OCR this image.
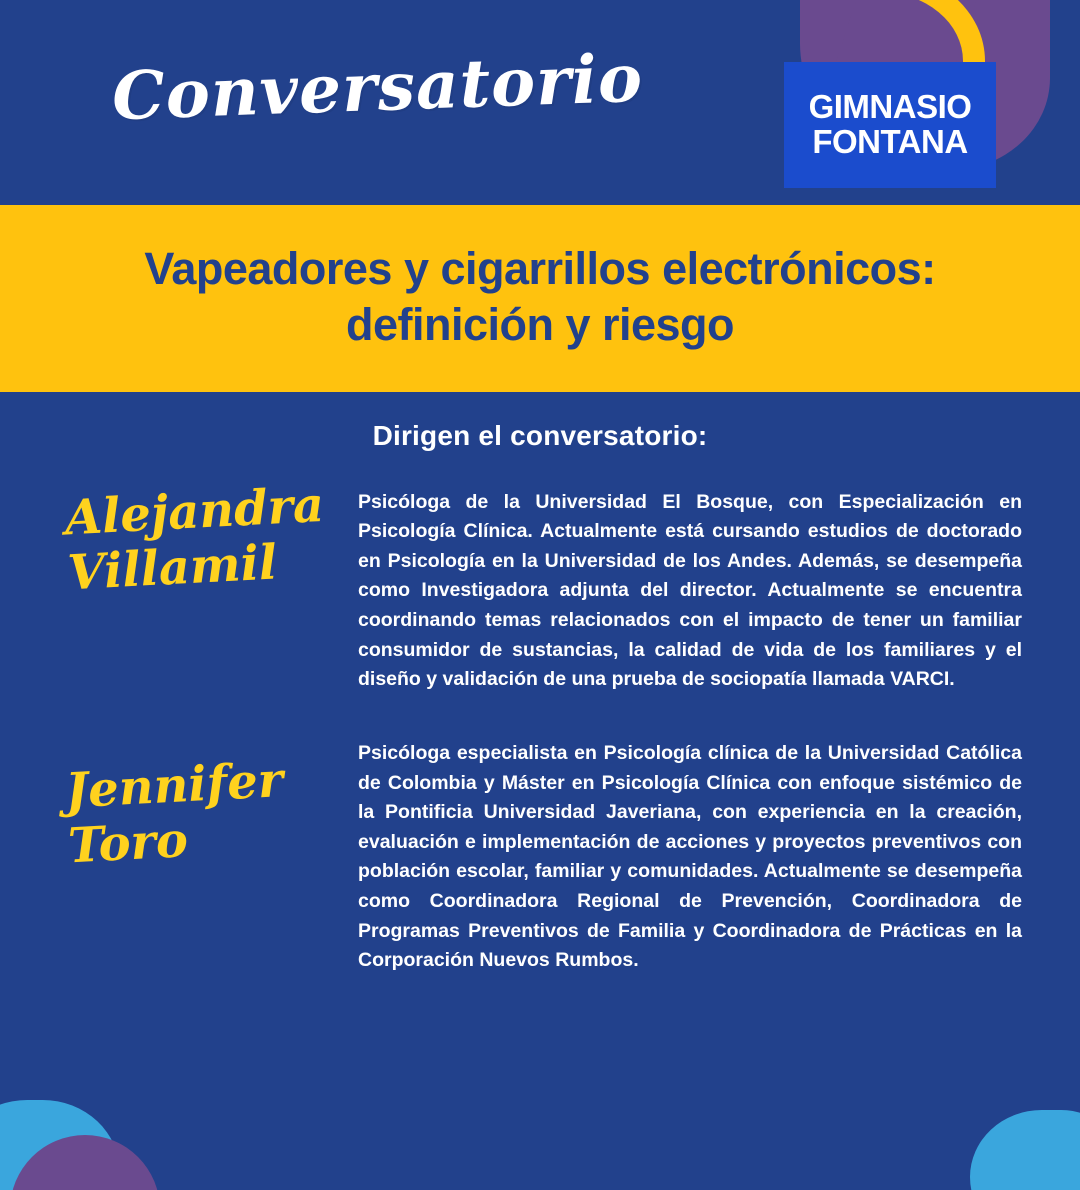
Conversatorio	GIMNASIO
FONTANA
Vapeadores y cigarrillos electrónicos: definición y riesgo
Dirigen el conversatorio:
Alejandra Villamil
Psicóloga de la Universidad El Bosque, con Especialización en Psicología Clínica. Actualmente está cursando estudios de doctorado en Psicología en la Universidad de los Andes. Además, se desempeña como Investigadora adjunta del director. Actualmente se encuentra coordinando temas relacionados con el impacto de tener un familiar consumidor de sustancias, la calidad de vida de los familiares y el diseño y validación de una prueba de sociopatía llamada VARCI.
Jennifer Toro
Psicóloga especialista en Psicología clínica de la Universidad Católica de Colombia y Máster en Psicología Clínica con enfoque sistémico de la Pontificia Universidad Javeriana, con experiencia en la creación, evaluación e implementación de acciones y proyectos preventivos con población escolar, familiar y comunidades. Actualmente se desempeña como Coordinadora Regional de Prevención, Coordinadora de Programas Preventivos de Familia y Coordinadora de Prácticas en la Corporación Nuevos Rumbos.
